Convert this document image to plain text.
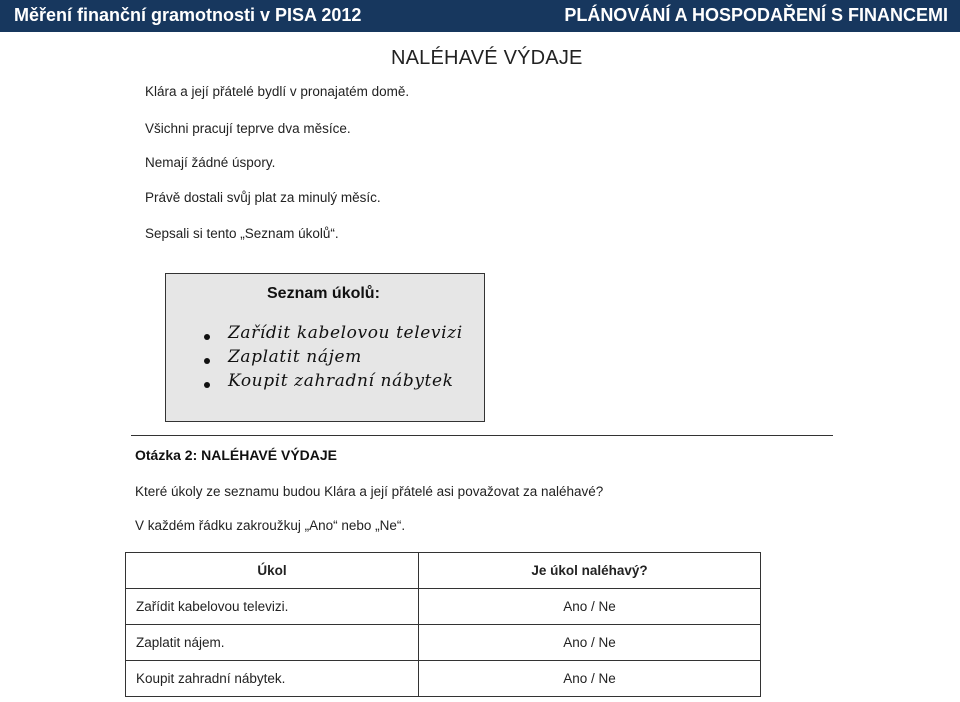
Měření finanční gramotnosti v PISA 2012	PLÁNOVÁNÍ A HOSPODAŘENÍ S FINANCEMI
NALÉHAVÉ VÝDAJE
Klára a její přátelé bydlí v pronajatém domě.
Všichni pracují teprve dva měsíce.
Nemají žádné úspory.
Právě dostali svůj plat za minulý měsíc.
Sepsali si tento „Seznam úkolů“.
Seznam úkolů:
Zařídit kabelovou televizi
Zaplatit nájem
Koupit zahradní nábytek
Otázka 2: NALÉHAVÉ VÝDAJE
Které úkoly ze seznamu budou Klára a její přátelé asi považovat za naléhavé?
V každém řádku zakroužkuj „Ano“ nebo „Ne“.
Úkol	Je úkol naléhavý?
Zařídit kabelovou televizi.	Ano / Ne
Zaplatit nájem.	Ano / Ne
Koupit zahradní nábytek.	Ano / Ne
